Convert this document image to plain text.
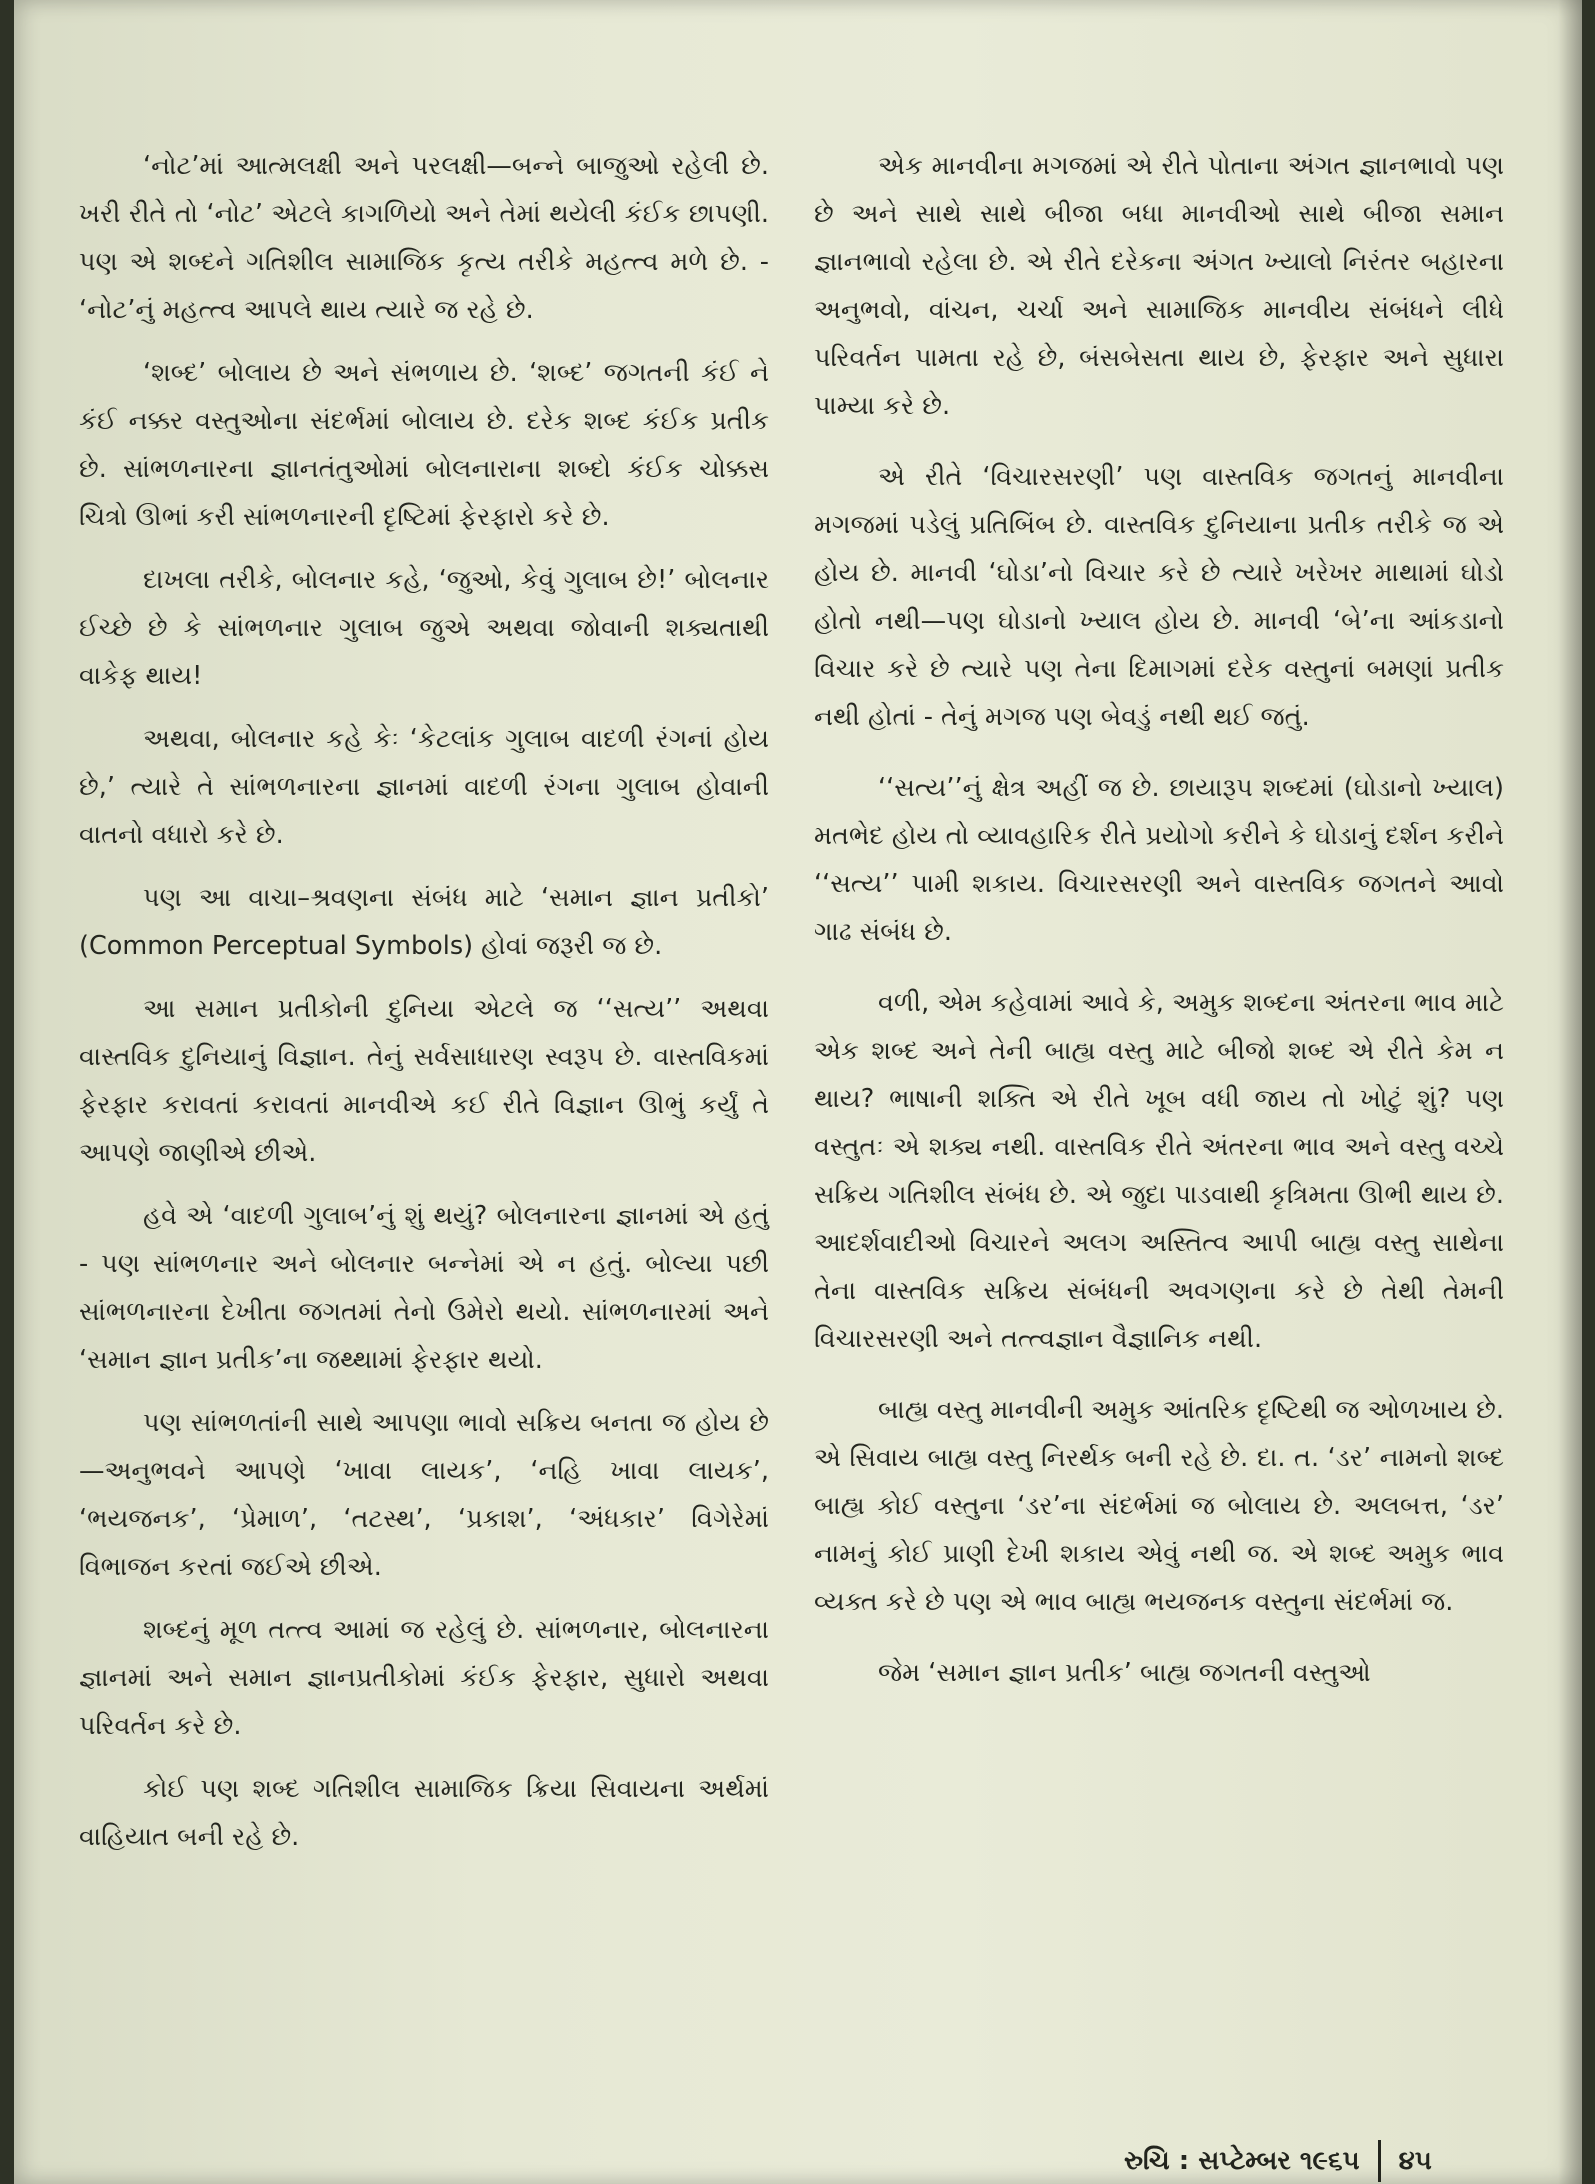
‘નોટ’માં આત્મલક્ષી અને પરલક્ષી—બન્ને બાજુઓ રહેલી છે. ખરી રીતે તો ‘નોટ’ એટલે કાગળિયો અને તેમાં થયેલી કંઈક છાપણી. પણ એ શબ્દને ગતિશીલ સામાજિક કૃત્ય તરીકે મહત્ત્વ મળે છે. - ‘નોટ’નું મહત્ત્વ આપલે થાય ત્યારે જ રહે છે.

‘શબ્દ’ બોલાય છે અને સંભળાય છે. ‘શબ્દ’ જગતની કંઈ ને કંઈ નક્કર વસ્તુઓના સંદર્ભમાં બોલાય છે. દરેક શબ્દ કંઈક પ્રતીક છે. સાંભળનારના જ્ઞાનતંતુઓમાં બોલનારાના શબ્દો કંઈક ચોક્કસ ચિત્રો ઊભાં કરી સાંભળનારની દૃષ્ટિમાં ફેરફારો કરે છે.

દાખલા તરીકે, બોલનાર કહે, ‘જુઓ, કેવું ગુલાબ છે!’ બોલનાર ઈચ્છે છે કે સાંભળનાર ગુલાબ જુએ અથવા જોવાની શક્યતાથી વાકેફ થાય!

અથવા, બોલનાર કહે કેઃ ‘કેટલાંક ગુલાબ વાદળી રંગનાં હોય છે,’ ત્યારે તે સાંભળનારના જ્ઞાનમાં વાદળી રંગના ગુલાબ હોવાની વાતનો વધારો કરે છે.

પણ આ વાચા–શ્રવણના સંબંધ માટે ‘સમાન જ્ઞાન પ્રતીકો’ (Common Perceptual Symbols) હોવાં જરૂરી જ છે.

આ સમાન પ્રતીકોની દુનિયા એટલે જ ‘‘સત્ય’’ અથવા વાસ્તવિક દુનિયાનું વિજ્ઞાન. તેનું સર્વસાધારણ સ્વરૂપ છે. વાસ્તવિકમાં ફેરફાર કરાવતાં કરાવતાં માનવીએ કઈ રીતે વિજ્ઞાન ઊભું કર્યું તે આપણે જાણીએ છીએ.

હવે એ ‘વાદળી ગુલાબ’નું શું થયું? બોલનારના જ્ઞાનમાં એ હતું - પણ સાંભળનાર અને બોલનાર બન્નેમાં એ ન હતું. બોલ્યા પછી સાંભળનારના દેખીતા જગતમાં તેનો ઉમેરો થયો. સાંભળનારમાં અને ‘સમાન જ્ઞાન પ્રતીક’ના જથ્થામાં ફેરફાર થયો.

પણ સાંભળતાંની સાથે આપણા ભાવો સક્રિય બનતા જ હોય છે—અનુભવને આપણે ‘ખાવા લાયક’, ‘નહિ ખાવા લાયક’, ‘ભયજનક’, ‘પ્રેમાળ’, ‘તટસ્થ’, ‘પ્રકાશ’, ‘અંધકાર’ વિગેરેમાં વિભાજન કરતાં જઈએ છીએ.

શબ્દનું મૂળ તત્ત્વ આમાં જ રહેલું છે. સાંભળનાર, બોલનારના જ્ઞાનમાં અને સમાન જ્ઞાનપ્રતીકોમાં કંઈક ફેરફાર, સુધારો અથવા પરિવર્તન કરે છે.

કોઈ પણ શબ્દ ગતિશીલ સામાજિક ક્રિયા સિવાયના અર્થમાં વાહિયાત બની રહે છે.

એક માનવીના મગજમાં એ રીતે પોતાના અંગત જ્ઞાનભાવો પણ છે અને સાથે સાથે બીજા બધા માનવીઓ સાથે બીજા સમાન જ્ઞાનભાવો રહેલા છે. એ રીતે દરેકના અંગત ખ્યાલો નિરંતર બહારના અનુભવો, વાંચન, ચર્ચા અને સામાજિક માનવીય સંબંધને લીધે પરિવર્તન પામતા રહે છે, બંસબેસતા થાય છે, ફેરફાર અને સુધારા પામ્યા કરે છે.

એ રીતે ‘વિચારસરણી’ પણ વાસ્તવિક જગતનું માનવીના મગજમાં પડેલું પ્રતિબિંબ છે. વાસ્તવિક દુનિયાના પ્રતીક તરીકે જ એ હોય છે. માનવી ‘ઘોડા’નો વિચાર કરે છે ત્યારે ખરેખર માથામાં ઘોડો હોતો નથી—પણ ઘોડાનો ખ્યાલ હોય છે. માનવી ‘બે’ના આંકડાનો વિચાર કરે છે ત્યારે પણ તેના દિમાગમાં દરેક વસ્તુનાં બમણાં પ્રતીક નથી હોતાં - તેનું મગજ પણ બેવડું નથી થઈ જતું.

‘‘સત્ય’’નું ક્ષેત્ર અહીં જ છે. છાયારૂપ શબ્દમાં (ઘોડાનો ખ્યાલ) મતભેદ હોય તો વ્યાવહારિક રીતે પ્રયોગો કરીને કે ઘોડાનું દર્શન કરીને ‘‘સત્ય’’ પામી શકાય. વિચારસરણી અને વાસ્તવિક જગતને આવો ગાઢ સંબંધ છે.

વળી, એમ કહેવામાં આવે કે, અમુક શબ્દના અંતરના ભાવ માટે એક શબ્દ અને તેની બાહ્ય વસ્તુ માટે બીજો શબ્દ એ રીતે કેમ ન થાય? ભાષાની શક્તિ એ રીતે ખૂબ વધી જાય તો ખોટું શું? પણ વસ્તુતઃ એ શક્ય નથી. વાસ્તવિક રીતે અંતરના ભાવ અને વસ્તુ વચ્ચે સક્રિય ગતિશીલ સંબંધ છે. એ જુદા પાડવાથી કૃત્રિમતા ઊભી થાય છે. આદર્શવાદીઓ વિચારને અલગ અસ્તિત્વ આપી બાહ્ય વસ્તુ સાથેના તેના વાસ્તવિક સક્રિય સંબંધની અવગણના કરે છે તેથી તેમની વિચારસરણી અને તત્ત્વજ્ઞાન વૈજ્ઞાનિક નથી.

બાહ્ય વસ્તુ માનવીની અમુક આંતરિક દૃષ્ટિથી જ ઓળખાય છે. એ સિવાય બાહ્ય વસ્તુ નિરર્થક બની રહે છે. દા. ત. ‘ડર’ નામનો શબ્દ બાહ્ય કોઈ વસ્તુના ‘ડર’ના સંદર્ભમાં જ બોલાય છે. અલબત્ત, ‘ડર’ નામનું કોઈ પ્રાણી દેખી શકાય એવું નથી જ. એ શબ્દ અમુક ભાવ વ્યક્ત કરે છે પણ એ ભાવ બાહ્ય ભયજનક વસ્તુના સંદર્ભમાં જ.

જેમ ‘સમાન જ્ઞાન પ્રતીક’ બાહ્ય જગતની વસ્તુઓ

રુચિ : સપ્ટેમ્બર ૧૯૬૫ ૪૫
